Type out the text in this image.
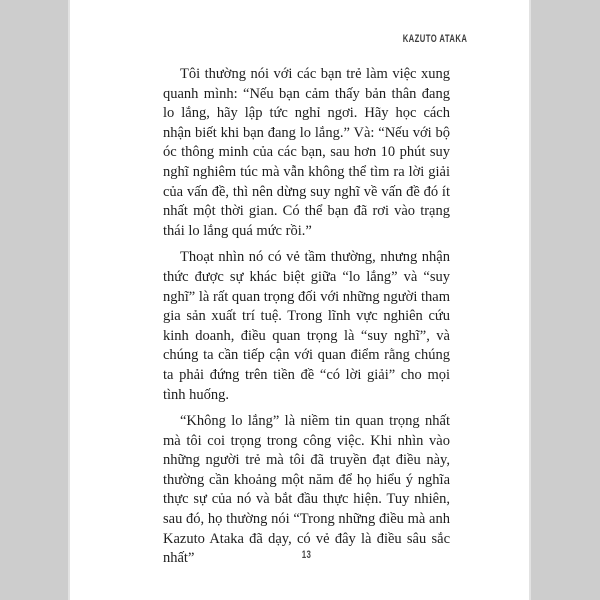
KAZUTO ATAKA

Tôi thường nói với các bạn trẻ làm việc xung quanh mình: “Nếu bạn cảm thấy bản thân đang lo lắng, hãy lập tức nghỉ ngơi. Hãy học cách nhận biết khi bạn đang lo lắng.” Và: “Nếu với bộ óc thông minh của các bạn, sau hơn 10 phút suy nghĩ nghiêm túc mà vẫn không thể tìm ra lời giải của vấn đề, thì nên dừng suy nghĩ về vấn đề đó ít nhất một thời gian. Có thể bạn đã rơi vào trạng thái lo lắng quá mức rồi.”

Thoạt nhìn nó có vẻ tầm thường, nhưng nhận thức được sự khác biệt giữa “lo lắng” và “suy nghĩ” là rất quan trọng đối với những người tham gia sản xuất trí tuệ. Trong lĩnh vực nghiên cứu kinh doanh, điều quan trọng là “suy nghĩ”, và chúng ta cần tiếp cận với quan điểm rằng chúng ta phải đứng trên tiền đề “có lời giải” cho mọi tình huống.

“Không lo lắng” là niềm tin quan trọng nhất mà tôi coi trọng trong công việc. Khi nhìn vào những người trẻ mà tôi đã truyền đạt điều này, thường cần khoảng một năm để họ hiểu ý nghĩa thực sự của nó và bắt đầu thực hiện. Tuy nhiên, sau đó, họ thường nói “Trong những điều mà anh Kazuto Ataka đã dạy, có vẻ đây là điều sâu sắc nhất”	13
